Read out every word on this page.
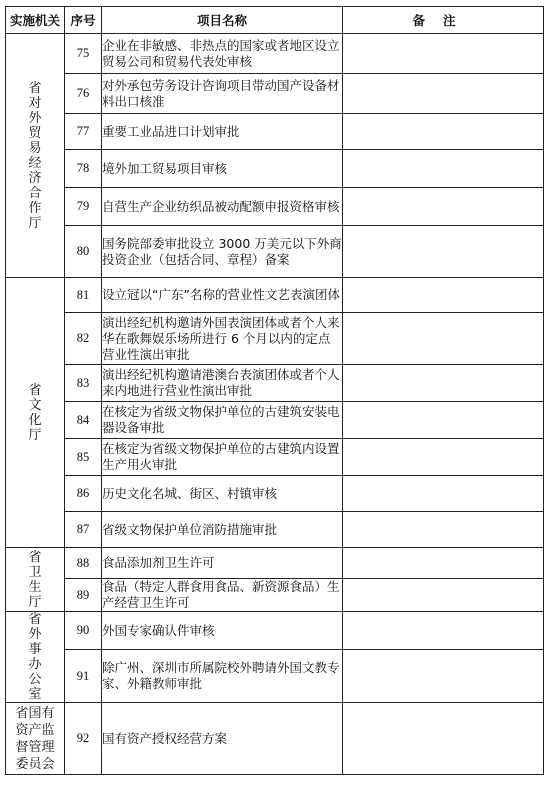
实施机关	序号	项目名称	备注
省对外贸易经济合作厅	75	企业在非敏感、非热点的国家或者地区设立贸易公司和贸易代表处审核	
	76	对外承包劳务设计咨询项目带动国产设备材料出口核准	
	77	重要工业品进口计划审批	
	78	境外加工贸易项目审核	
	79	自营生产企业纺织品被动配额申报资格审核	
	80	国务院部委审批设立 3000 万美元以下外商投资企业（包括合同、章程）备案	
省文化厅	81	设立冠以“广东”名称的营业性文艺表演团体	
	82	演出经纪机构邀请外国表演团体或者个人来华在歌舞娱乐场所进行 6 个月以内的定点营业性演出审批	
	83	演出经纪机构邀请港澳台表演团体或者个人来内地进行营业性演出审批	
	84	在核定为省级文物保护单位的古建筑安装电器设备审批	
	85	在核定为省级文物保护单位的古建筑内设置生产用火审批	
	86	历史文化名城、街区、村镇审核	
	87	省级文物保护单位消防措施审批	
省卫生厅	88	食品添加剂卫生许可	
	89	食品（特定人群食用食品、新资源食品）生产经营卫生许可	
省外事办公室	90	外国专家确认件审核	
	91	除广州、深圳市所属院校外聘请外国文教专家、外籍教师审批	
省国有资产监督管理委员会	92	国有资产授权经营方案	
